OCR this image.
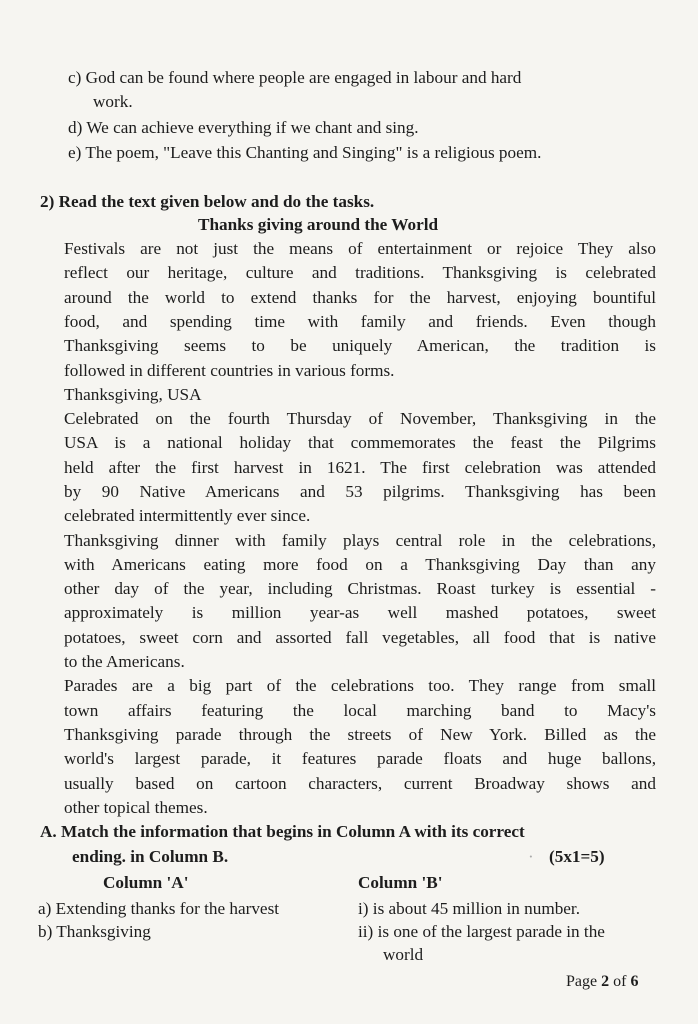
c) God can be found where people are engaged in labour and hard
work.
d) We can achieve everything if we chant and sing.
e) The poem, "Leave this Chanting and Singing" is a religious poem.
2) Read the text given below and do the tasks.
Thanks giving around the World
Festivals are not just the means of entertainment or rejoice They also
reflect our heritage, culture and traditions. Thanksgiving is celebrated
around the world to extend thanks for the harvest, enjoying bountiful
food, and spending time with family and friends. Even though
Thanksgiving seems to be uniquely American, the tradition is
followed in different countries in various forms.
Thanksgiving, USA
Celebrated on the fourth Thursday of November, Thanksgiving in the
USA is a national holiday that commemorates the feast the Pilgrims
held after the first harvest in 1621. The first celebration was attended
by 90 Native Americans and 53 pilgrims. Thanksgiving has been
celebrated intermittently ever since.
Thanksgiving dinner with family plays central role in the celebrations,
with Americans eating more food on a Thanksgiving Day than any
other day of the year, including Christmas. Roast turkey is essential -
approximately is million year-as well mashed potatoes, sweet
potatoes, sweet corn and assorted fall vegetables, all food that is native
to the Americans.
Parades are a big part of the celebrations too. They range from small
town affairs featuring the local marching band to Macy's
Thanksgiving parade through the streets of New York. Billed as the
world's largest parade, it features parade floats and huge ballons,
usually based on cartoon characters, current Broadway shows and
other topical themes.
A. Match the information that begins in Column A with its correct
ending. in Column B.	(5x1=5)
·
Column 'A'	Column 'B'
a) Extending thanks for the harvest
b) Thanksgiving
i) is about 45 million in number.
ii) is one of the largest parade in the
world
Page 2 of 6
